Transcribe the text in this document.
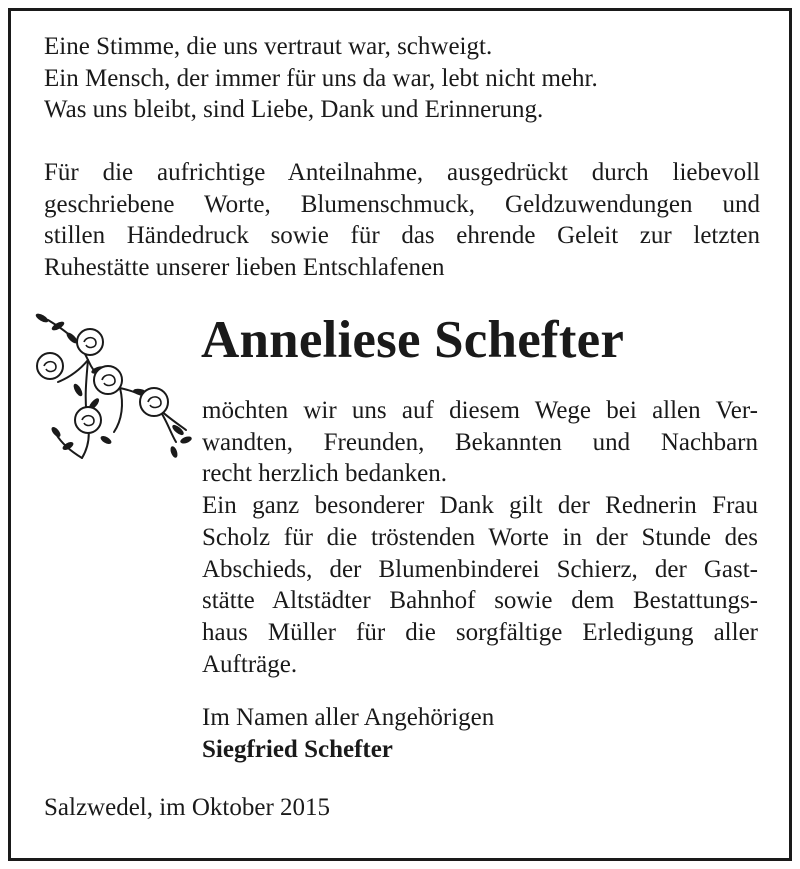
Eine Stimme, die uns vertraut war, schweigt.
Ein Mensch, der immer für uns da war, lebt nicht mehr.
Was uns bleibt, sind Liebe, Dank und Erinnerung.
Für die aufrichtige Anteilnahme, ausgedrückt durch liebevoll
geschriebene Worte, Blumenschmuck, Geldzuwendungen und
stillen Händedruck sowie für das ehrende Geleit zur letzten
Ruhestätte unserer lieben Entschlafenen
Anneliese Schefter
möchten wir uns auf diesem Wege bei allen Ver-
wandten, Freunden, Bekannten und Nachbarn
recht herzlich bedanken.
Ein ganz besonderer Dank gilt der Rednerin Frau
Scholz für die tröstenden Worte in der Stunde des
Abschieds, der Blumenbinderei Schierz, der Gast-
stätte Altstädter Bahnhof sowie dem Bestattungs-
haus Müller für die sorgfältige Erledigung aller
Aufträge.
Im Namen aller Angehörigen
Siegfried Schefter
Salzwedel, im Oktober 2015
